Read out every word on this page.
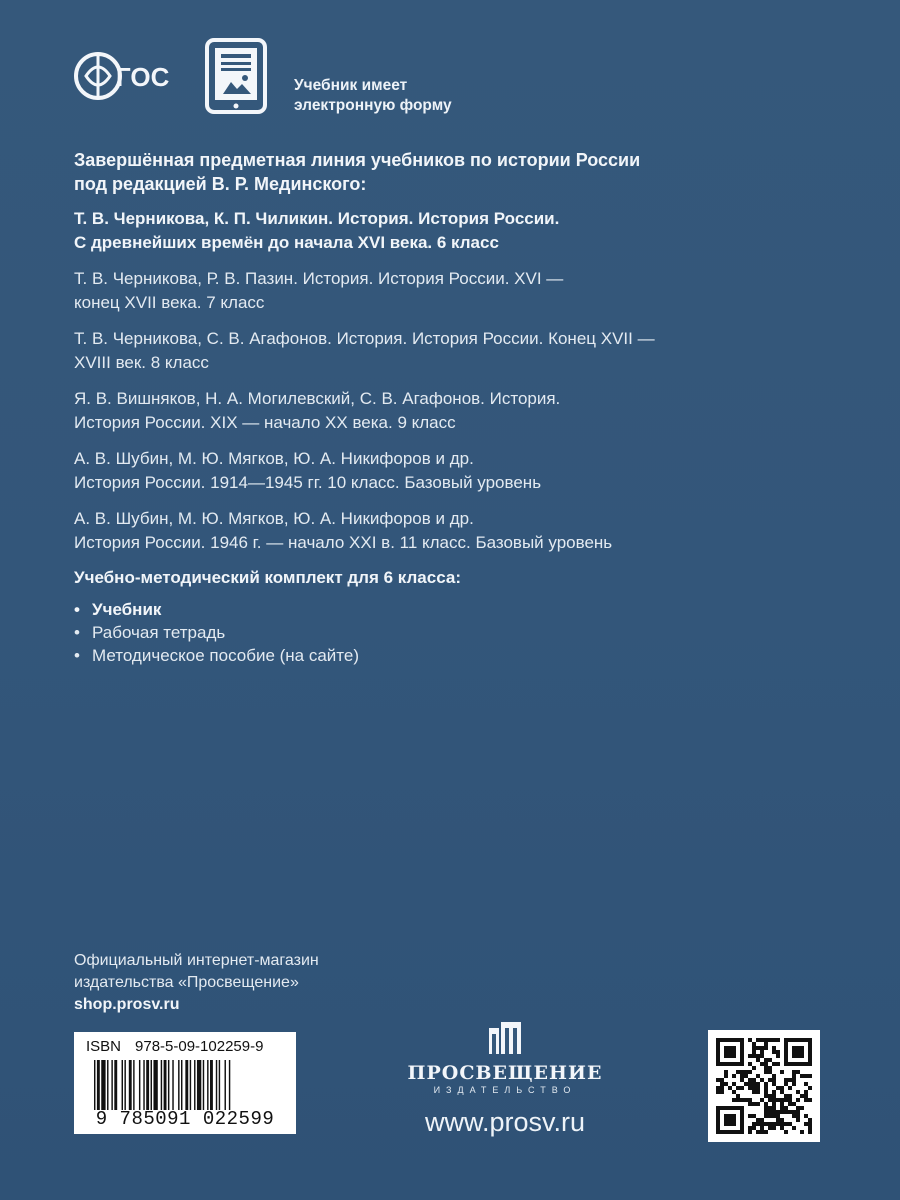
ГОС	Учебник имеет
электронную форму
Завершённая предметная линия учебников по истории России
под редакцией В. Р. Мединского:
Т. В. Черникова, К. П. Чиликин. История. История России.
С древнейших времён до начала XVI века. 6 класс
Т. В. Черникова, Р. В. Пазин. История. История России. XVI —
конец XVII века. 7 класс
Т. В. Черникова, С. В. Агафонов. История. История России. Конец XVII —
XVIII век. 8 класс
Я. В. Вишняков, Н. А. Могилевский, С. В. Агафонов. История.
История России. XIX — начало XX века. 9 класс
А. В. Шубин, М. Ю. Мягков, Ю. А. Никифоров и др.
История России. 1914—1945 гг. 10 класс. Базовый уровень
А. В. Шубин, М. Ю. Мягков, Ю. А. Никифоров и др.
История России. 1946 г. — начало XXI в. 11 класс. Базовый уровень
Учебно-методический комплект для 6 класса:
• Учебник
• Рабочая тетрадь
• Методическое пособие (на сайте)
Официальный интернет-магазин
издательства «Просвещение»
shop.prosv.ru
ISBN 978-5-09-102259-9
9 785091 022599
ПРОСВЕЩЕНИЕ
ИЗДАТЕЛЬСТВО
www.prosv.ru
